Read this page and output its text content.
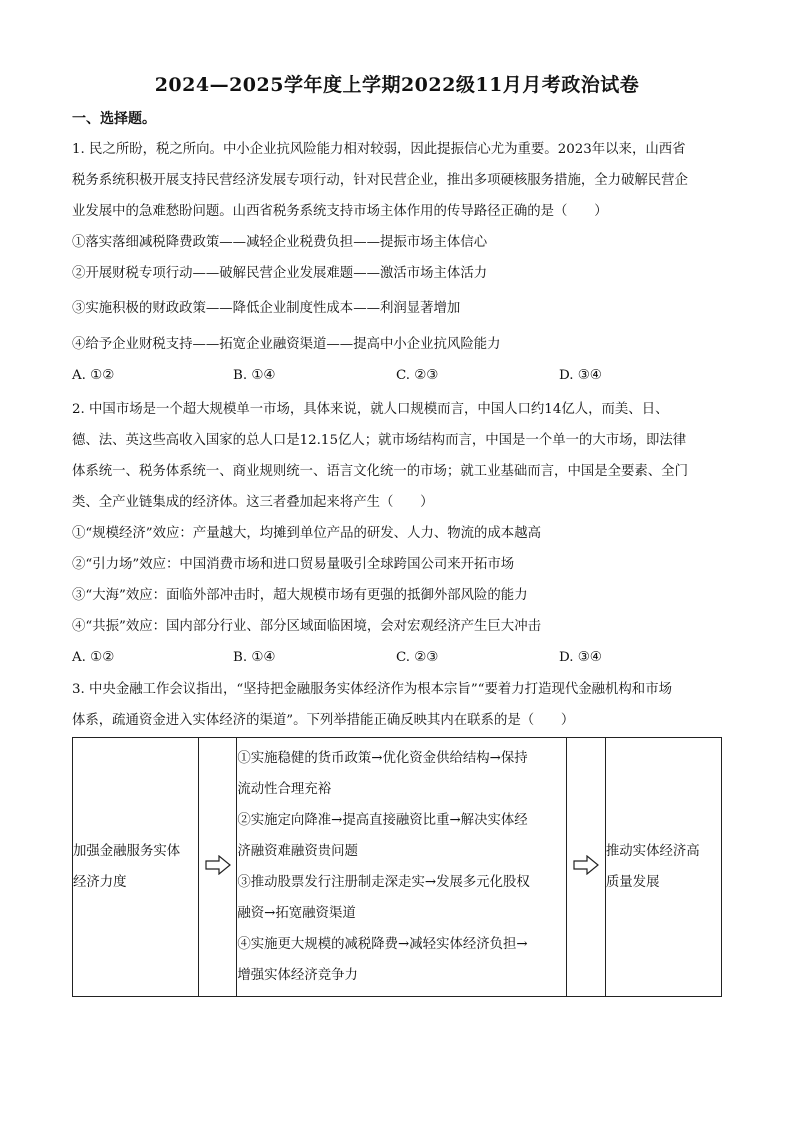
2024—2025学年度上学期2022级11月月考政治试卷
一、选择题。
1. 民之所盼，税之所向。中小企业抗风险能力相对较弱，因此提振信心尤为重要。2023年以来，山西省
税务系统积极开展支持民营经济发展专项行动，针对民营企业，推出多项硬核服务措施，全力破解民营企
业发展中的急难愁盼问题。山西省税务系统支持市场主体作用的传导路径正确的是（　　）
①落实落细减税降费政策——减轻企业税费负担——提振市场主体信心
②开展财税专项行动——破解民营企业发展难题——激活市场主体活力
③实施积极的财政政策——降低企业制度性成本——利润显著增加
④给予企业财税支持——拓宽企业融资渠道——提高中小企业抗风险能力
A. ①②	B. ①④	C. ②③	D. ③④
2. 中国市场是一个超大规模单一市场，具体来说，就人口规模而言，中国人口约14亿人，而美、日、
德、法、英这些高收入国家的总人口是12.15亿人；就市场结构而言，中国是一个单一的大市场，即法律
体系统一、税务体系统一、商业规则统一、语言文化统一的市场；就工业基础而言，中国是全要素、全门
类、全产业链集成的经济体。这三者叠加起来将产生（　　）
①“规模经济”效应：产量越大，均摊到单位产品的研发、人力、物流的成本越高
②“引力场”效应：中国消费市场和进口贸易量吸引全球跨国公司来开拓市场
③“大海”效应：面临外部冲击时，超大规模市场有更强的抵御外部风险的能力
④“共振”效应：国内部分行业、部分区域面临困境，会对宏观经济产生巨大冲击
A. ①②	B. ①④	C. ②③	D. ③④
3. 中央金融工作会议指出，“坚持把金融服务实体经济作为根本宗旨”“要着力打造现代金融机构和市场
体系，疏通资金进入实体经济的渠道”。下列举措能正确反映其内在联系的是（　　）
加强金融服务实体
经济力度

①实施稳健的货币政策→优化资金供给结构→保持
流动性合理充裕
②实施定向降准→提高直接融资比重→解决实体经
济融资难融资贵问题
③推动股票发行注册制走深走实→发展多元化股权
融资→拓宽融资渠道
④实施更大规模的减税降费→减轻实体经济负担→
增强实体经济竞争力

推动实体经济高
质量发展
